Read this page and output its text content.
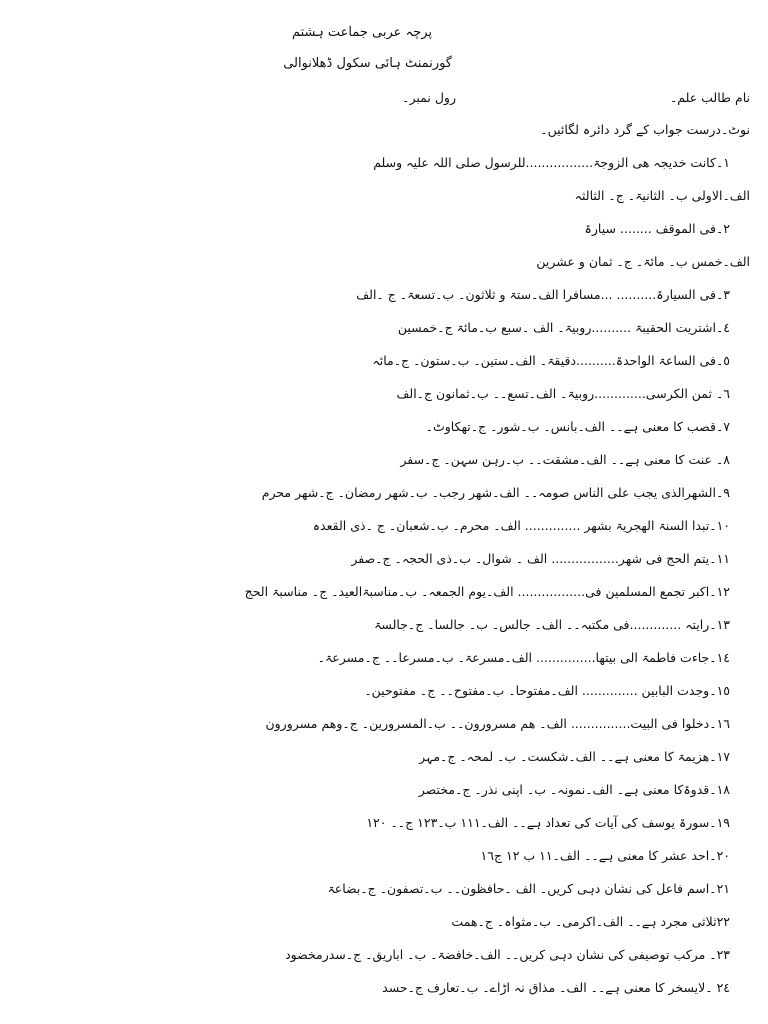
پرچہ عربی جماعت ہشتم
گورنمنٹ ہائی سکول ڈھلانوالی
نام طالب علم۔
رول نمبر۔
نوٹ۔درست جواب کے گرد دائرہ لگائیں۔
۱۔کانت خدیجہ ھی الزوجۃ.................للرسول صلی اللہ علیہ وسلم
الف۔الاولی ب۔ الثانیۃ۔ ج۔ الثالثہ
۲۔فی الموقف ........ سیارۃ
الف۔خمس ب۔ مائۃ۔ ج۔ ثمان و عشرین
۳۔فی السیارۃ.......... ...مسافرا الف۔ستۃ و ثلاثون۔ ب۔تسعۃ۔ ج ۔الف
٤۔اشتریت الحقیبۃ ..........روبیۃ۔ الف ۔سبع ب۔مائۃ ج۔خمسین
٥۔فی الساعۃ الواحدۃ..........دقیقۃ۔ الف۔ستین۔ ب۔ستون۔ ج۔مائہ
٦۔ ثمن الکرسی.............روبیۃ۔ الف۔تسع۔۔ ب۔ثمانون ج۔الف
۷۔قصب کا معنی ہے۔۔ الف۔بانس۔ ب۔شور۔ ج۔تھکاوٹ۔
۸۔ عنت کا معنی ہے۔۔ الف۔مشقت۔۔ ب۔رہن سہن۔ ج۔سفر
۹۔الشھرالذی یجب علی الناس صومہ۔۔ الف۔شھر رجب۔ ب۔شھر رمضان۔ ج۔شھر محرم
۱۰۔تبدا السنۃ الھجریۃ بشھر .............. الف۔ محرم۔ ب۔شعبان۔ ج ۔ذی القعدہ
۱۱۔یتم الحج فی شھر................. الف ۔ شوال۔ ب۔ذی الحجہ۔ ج۔صفر
۱۲۔اکبر تجمع المسلمین فی................. الف۔یوم الجمعہ۔ ب۔مناسبۃالعید۔ ج۔ مناسبۃ الحج
۱۳۔رایتہ .............فی مکتبہ۔۔ الف۔ جالس۔ ب۔ جالسا۔ ج۔جالسۃ
۱٤۔جاءت فاطمۃ الی بیتھا............... الف۔مسرعۃ۔ ب۔مسرعا۔۔ ج۔مسرعۃ۔
۱٥۔وجدت البابین .............. الف۔مفتوحا۔ ب۔مفتوح۔۔ ج۔ مفتوحین۔
۱٦۔دخلوا فی البیت............... الف۔ ھم مسرورون۔۔ ب۔المسرورین۔ ج۔وھم مسرورون
۱۷۔ھزیمۃ کا معنی ہے۔۔ الف۔شکست۔ ب۔ لمحہ۔ ج۔مہر
۱۸۔قدوۃکا معنی ہے۔ الف۔نمونہ۔ ب۔ اپنی نذر۔ ج۔مختصر
۱۹۔سورۃ یوسف کی آیات کی تعداد ہے۔۔ الف۔۱۱۱ ب۔۱۲۳ ج۔۔ ۱۲۰
۲۰۔احد عشر کا معنی ہے۔۔ الف۔۱۱ ب ۱۲ ج۱٦
۲۱۔اسم فاعل کی نشان دہی کریں۔ الف ۔حافظون۔۔ ب۔تصفون۔ ج۔بضاعۃ
۲۲ثلاثی مجرد ہے۔۔ الف۔اکرمی۔ ب۔مثواہ۔ ج۔ھمت
۲۳۔ مرکب توصیفی کی نشان دہی کریں۔۔ الف۔خافضۃ۔ ب۔ اباریق۔ ج۔سدرمخضود
۲٤ ۔لایسخر کا معنی ہے۔۔ الف۔ مذاق نہ اڑاے۔ ب۔تعارف ج۔حسد
